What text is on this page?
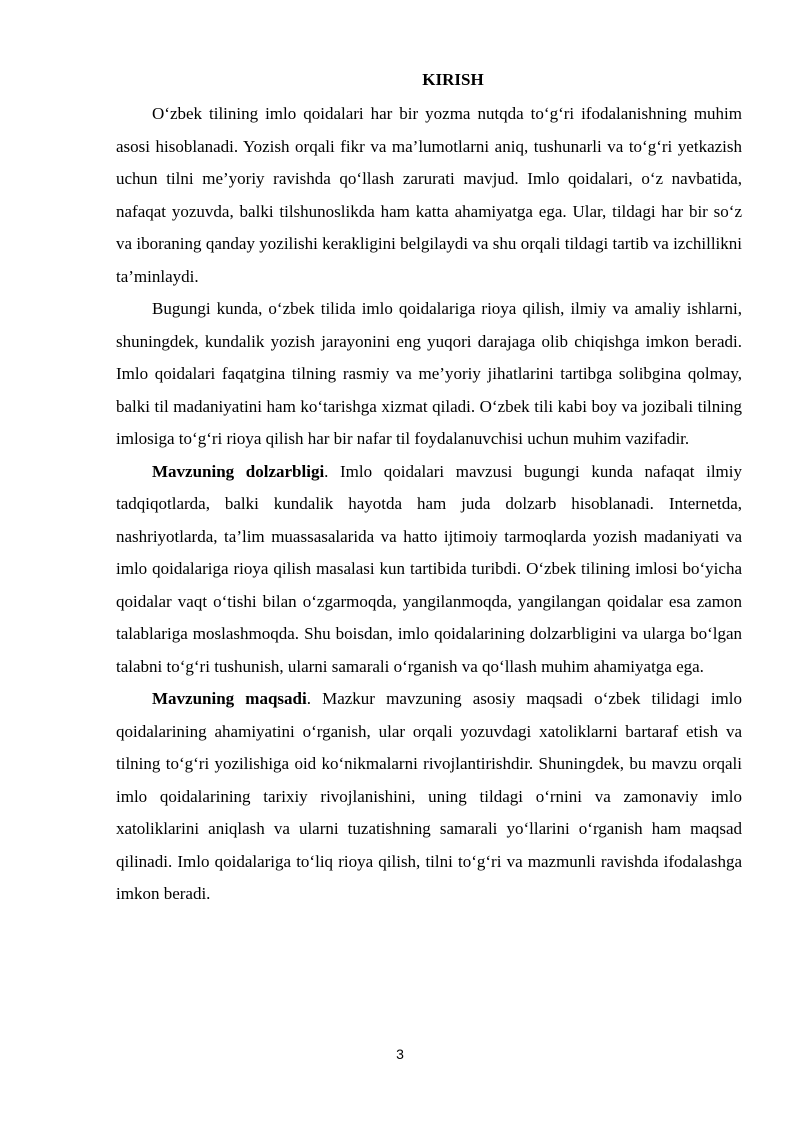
KIRISH

O‘zbek tilining imlo qoidalari har bir yozma nutqda to‘g‘ri ifodalanishning muhim asosi hisoblanadi. Yozish orqali fikr va ma’lumotlarni aniq, tushunarli va to‘g‘ri yetkazish uchun tilni me’yoriy ravishda qo‘llash zarurati mavjud. Imlo qoidalari, o‘z navbatida, nafaqat yozuvda, balki tilshunoslikda ham katta ahamiyatga ega. Ular, tildagi har bir so‘z va iboraning qanday yozilishi kerakligini belgilaydi va shu orqali tildagi tartib va izchillikni ta’minlaydi.

Bugungi kunda, o‘zbek tilida imlo qoidalariga rioya qilish, ilmiy va amaliy ishlarni, shuningdek, kundalik yozish jarayonini eng yuqori darajaga olib chiqishga imkon beradi. Imlo qoidalari faqatgina tilning rasmiy va me’yoriy jihatlarini tartibga solibgina qolmay, balki til madaniyatini ham ko‘tarishga xizmat qiladi. O‘zbek tili kabi boy va jozibali tilning imlosiga to‘g‘ri rioya qilish har bir nafar til foydalanuvchisi uchun muhim vazifadir.

Mavzuning dolzarbligi. Imlo qoidalari mavzusi bugungi kunda nafaqat ilmiy tadqiqotlarda, balki kundalik hayotda ham juda dolzarb hisoblanadi. Internetda, nashriyotlarda, ta’lim muassasalarida va hatto ijtimoiy tarmoqlarda yozish madaniyati va imlo qoidalariga rioya qilish masalasi kun tartibida turibdi. O‘zbek tilining imlosi bo‘yicha qoidalar vaqt o‘tishi bilan o‘zgarmoqda, yangilanmoqda, yangilangan qoidalar esa zamon talablariga moslashmoqda. Shu boisdan, imlo qoidalarining dolzarbligini va ularga bo‘lgan talabni to‘g‘ri tushunish, ularni samarali o‘rganish va qo‘llash muhim ahamiyatga ega.

Mavzuning maqsadi. Mazkur mavzuning asosiy maqsadi o‘zbek tilidagi imlo qoidalarining ahamiyatini o‘rganish, ular orqali yozuvdagi xatoliklarni bartaraf etish va tilning to‘g‘ri yozilishiga oid ko‘nikmalarni rivojlantirishdir. Shuningdek, bu mavzu orqali imlo qoidalarining tarixiy rivojlanishini, uning tildagi o‘rnini va zamonaviy imlo xatoliklarini aniqlash va ularni tuzatishning samarali yo‘llarini o‘rganish ham maqsad qilinadi. Imlo qoidalariga to‘liq rioya qilish, tilni to‘g‘ri va mazmunli ravishda ifodalashga imkon beradi.

3
